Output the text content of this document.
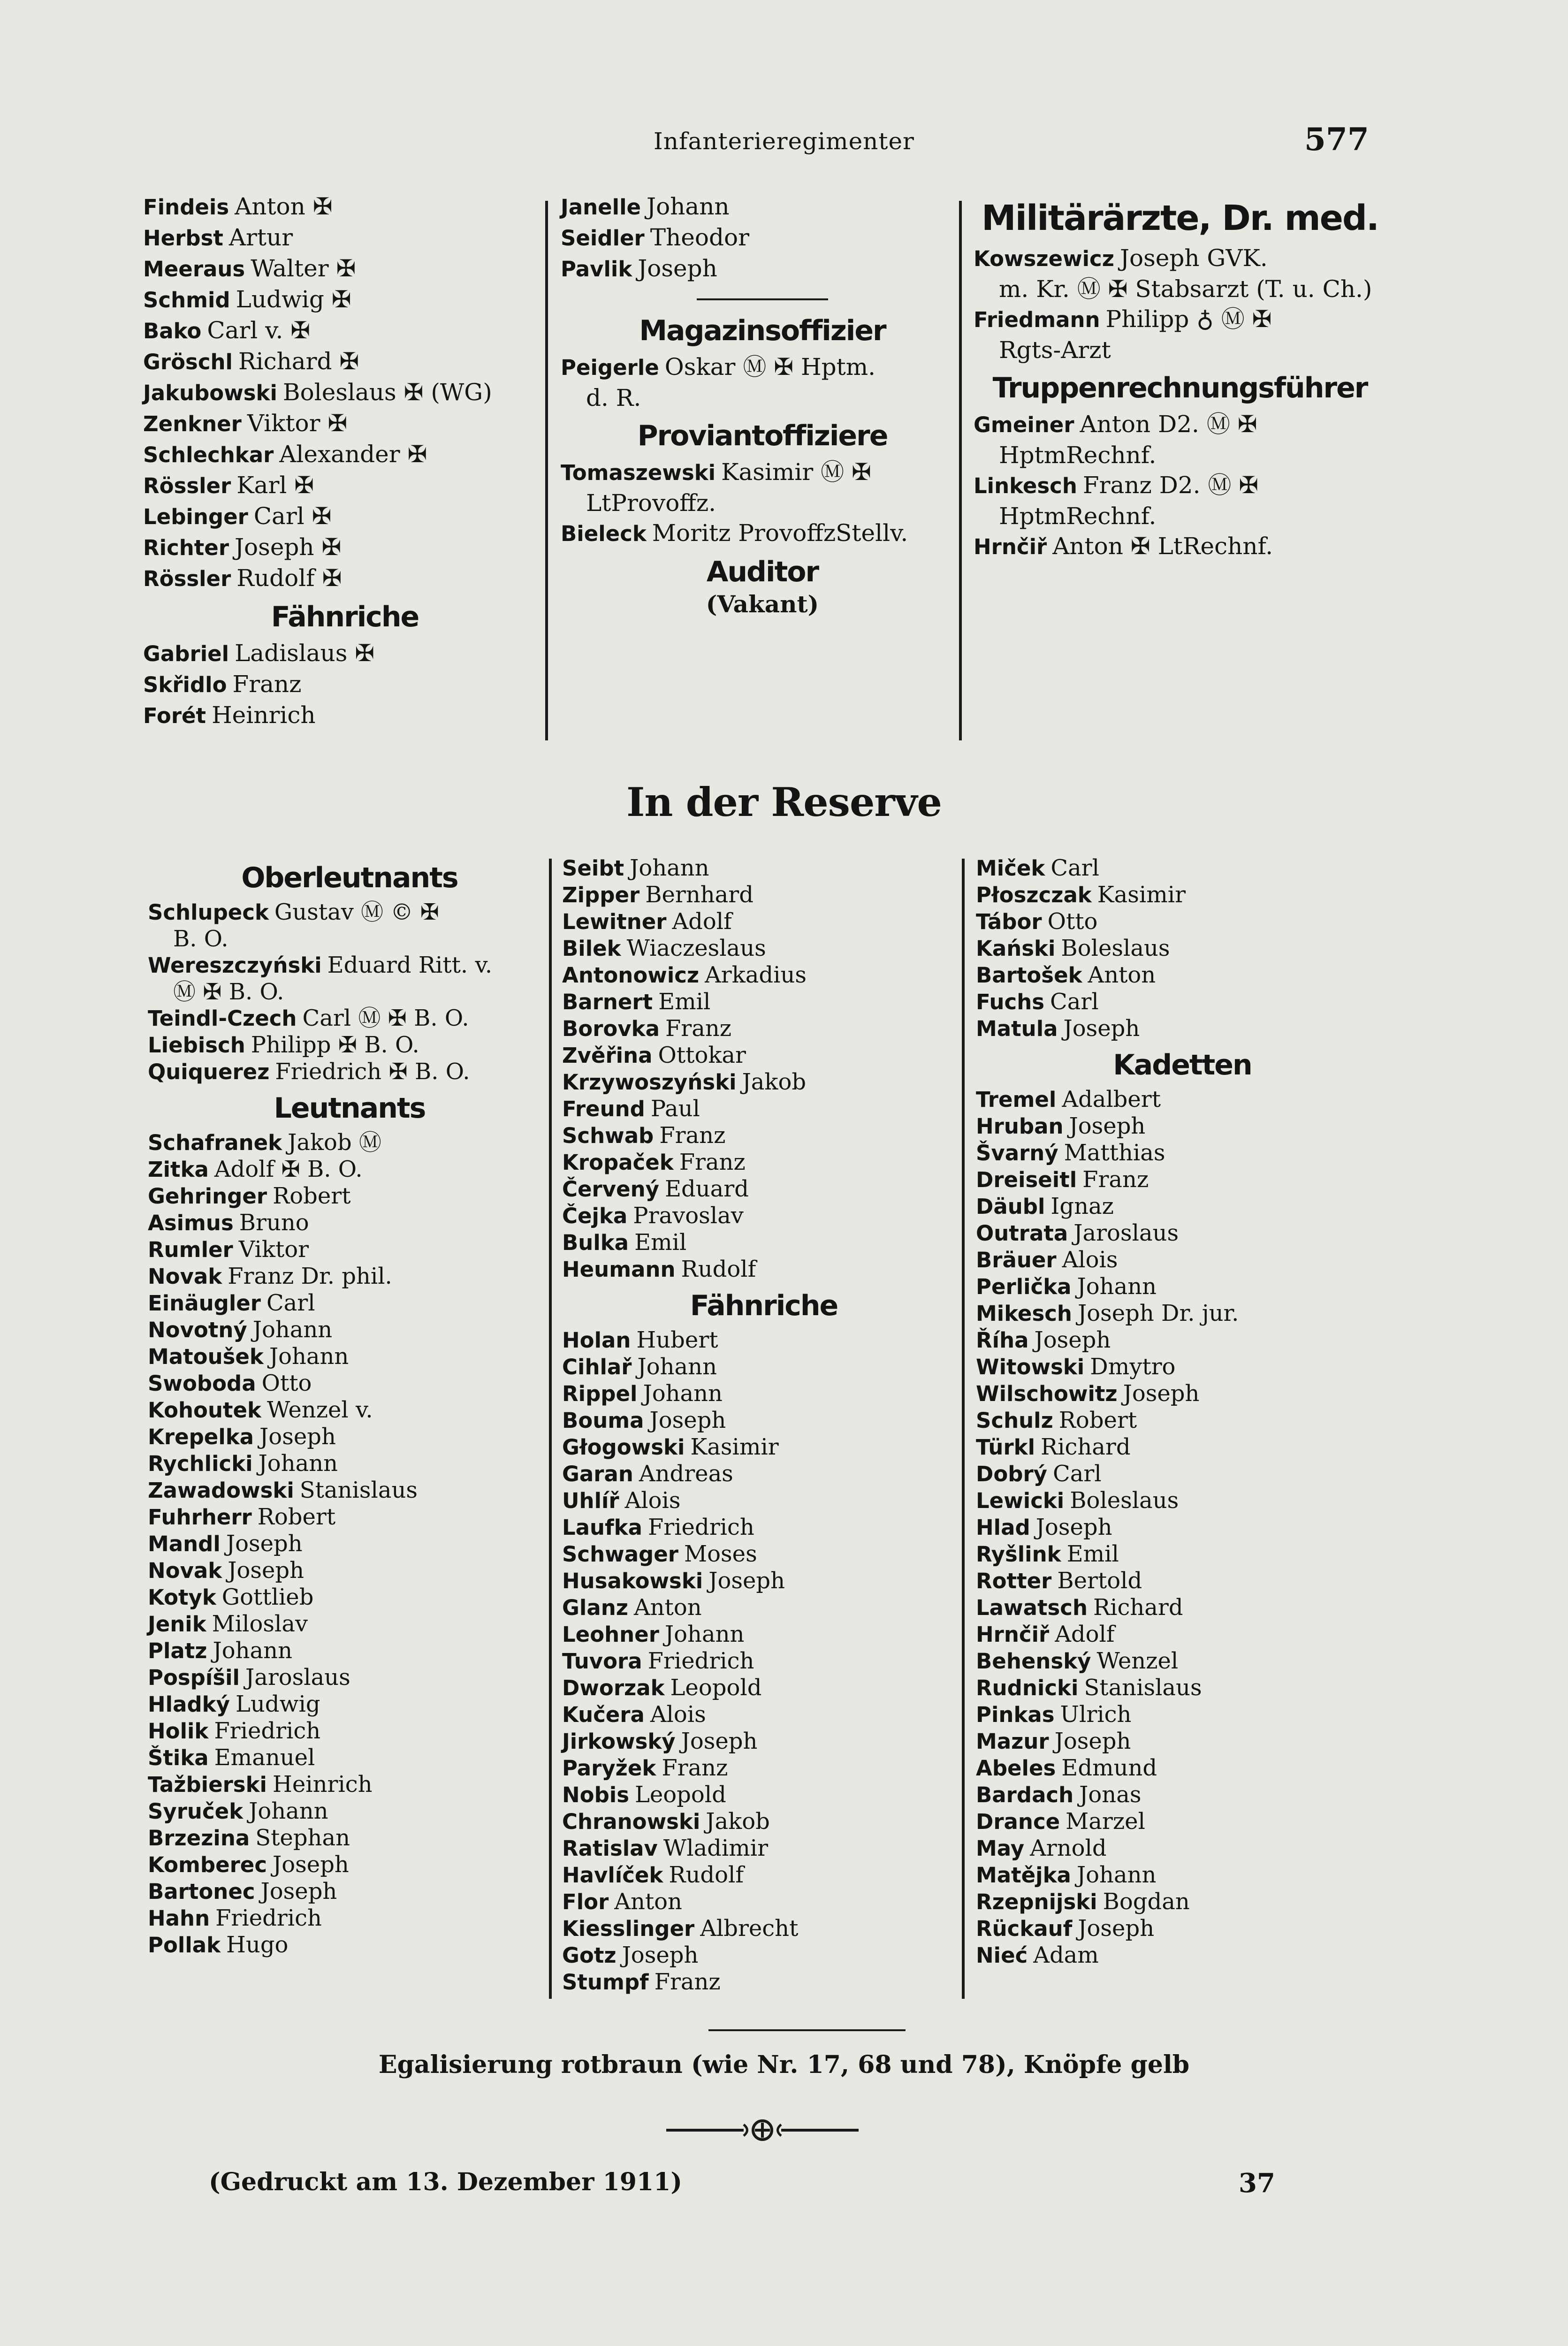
Infanterieregimenter	577
Findeis Anton ✠
Herbst Artur
Meeraus Walter ✠
Schmid Ludwig ✠
Bako Carl v. ✠
Gröschl Richard ✠
Jakubowski Boleslaus ✠ (WG)
Zenkner Viktor ✠
Schlechkar Alexander ✠
Rössler Karl ✠
Lebinger Carl ✠
Richter Joseph ✠
Rössler Rudolf ✠
Fähnriche
Gabriel Ladislaus ✠
Skřidlo Franz
Forét Heinrich
Janelle Johann
Seidler Theodor
Pavlik Joseph
Magazinsoffizier
Peigerle Oskar Ⓜ ✠ Hptm.
d. R.
Proviantoffiziere
Tomaszewski Kasimir Ⓜ ✠
LtProvoffz.
Bieleck Moritz ProvoffzStellv.
Auditor
(Vakant)
Militärärzte, Dr. med.
Kowszewicz Joseph GVK.
m. Kr. Ⓜ ✠ Stabsarzt (T. u. Ch.)
Friedmann Philipp ♁ Ⓜ ✠
Rgts-Arzt
Truppenrechnungsführer
Gmeiner Anton D2. Ⓜ ✠
HptmRechnf.
Linkesch Franz D2. Ⓜ ✠
HptmRechnf.
Hrnčiř Anton ✠ LtRechnf.
In der Reserve
Oberleutnants
Schlupeck Gustav Ⓜ © ✠
B. O.
Wereszczyński Eduard Ritt. v.
Ⓜ ✠ B. O.
Teindl-Czech Carl Ⓜ ✠ B. O.
Liebisch Philipp ✠ B. O.
Quiquerez Friedrich ✠ B. O.
Leutnants
Schafranek Jakob Ⓜ
Zitka Adolf ✠ B. O.
Gehringer Robert
Asimus Bruno
Rumler Viktor
Novak Franz Dr. phil.
Einäugler Carl
Novotný Johann
Matoušek Johann
Swoboda Otto
Kohoutek Wenzel v.
Krepelka Joseph
Rychlicki Johann
Zawadowski Stanislaus
Fuhrherr Robert
Mandl Joseph
Novak Joseph
Kotyk Gottlieb
Jenik Miloslav
Platz Johann
Pospíšil Jaroslaus
Hladký Ludwig
Holik Friedrich
Štika Emanuel
Tažbierski Heinrich
Syruček Johann
Brzezina Stephan
Komberec Joseph
Bartonec Joseph
Hahn Friedrich
Pollak Hugo
Seibt Johann
Zipper Bernhard
Lewitner Adolf
Bilek Wiaczeslaus
Antonowicz Arkadius
Barnert Emil
Borovka Franz
Zvěřina Ottokar
Krzywoszyński Jakob
Freund Paul
Schwab Franz
Kropaček Franz
Červený Eduard
Čejka Pravoslav
Bulka Emil
Heumann Rudolf
Fähnriche
Holan Hubert
Cihlař Johann
Rippel Johann
Bouma Joseph
Głogowski Kasimir
Garan Andreas
Uhlíř Alois
Laufka Friedrich
Schwager Moses
Husakowski Joseph
Glanz Anton
Leohner Johann
Tuvora Friedrich
Dworzak Leopold
Kučera Alois
Jirkowský Joseph
Paryžek Franz
Nobis Leopold
Chranowski Jakob
Ratislav Wladimir
Havlíček Rudolf
Flor Anton
Kiesslinger Albrecht
Gotz Joseph
Stumpf Franz
Miček Carl
Płoszczak Kasimir
Tábor Otto
Kański Boleslaus
Bartošek Anton
Fuchs Carl
Matula Joseph
Kadetten
Tremel Adalbert
Hruban Joseph
Švarný Matthias
Dreiseitl Franz
Däubl Ignaz
Outrata Jaroslaus
Bräuer Alois
Perlička Johann
Mikesch Joseph Dr. jur.
Říha Joseph
Witowski Dmytro
Wilschowitz Joseph
Schulz Robert
Türkl Richard
Dobrý Carl
Lewicki Boleslaus
Hlad Joseph
Ryšlink Emil
Rotter Bertold
Lawatsch Richard
Hrnčiř Adolf
Behenský Wenzel
Rudnicki Stanislaus
Pinkas Ulrich
Mazur Joseph
Abeles Edmund
Bardach Jonas
Drance Marzel
May Arnold
Matějka Johann
Rzepnijski Bogdan
Rückauf Joseph
Nieć Adam
Egalisierung rotbraun (wie Nr. 17, 68 und 78), Knöpfe gelb
(Gedruckt am 13. Dezember 1911)	37
